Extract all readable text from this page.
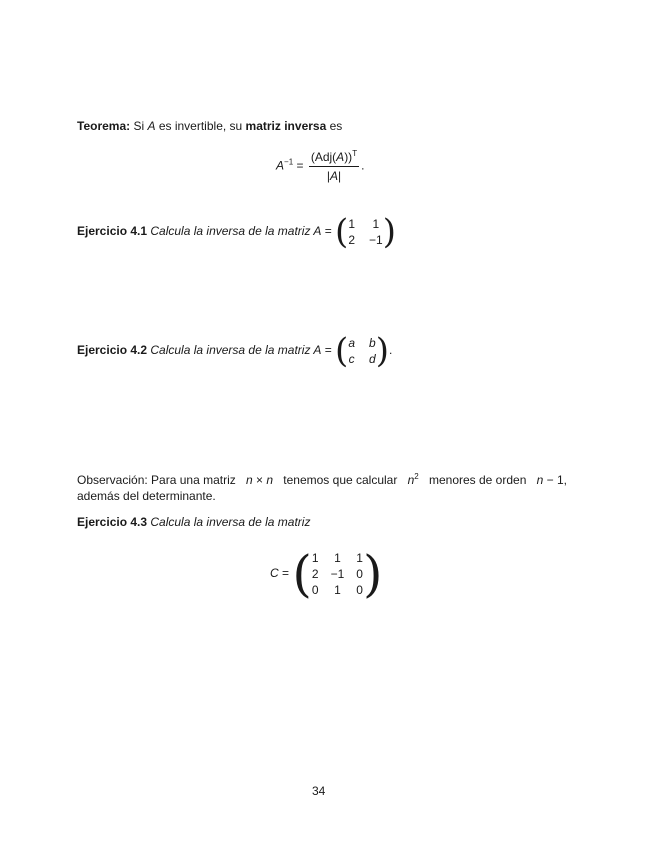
Teorema: Si A es invertible, su matriz inversa es
$A^{-1} = \frac{(Adj(A))^T}{|A|}$ .
Ejercicio 4.1 Calcula la inversa de la matriz A = ( 1 1
2 −1 )
Ejercicio 4.2 Calcula la inversa de la matriz A = ( a b
c d ).
Observación: Para una matriz n × n tenemos que calcular $n^2$ menores de orden n − 1,
además del determinante.
Ejercicio 4.3 Calcula la inversa de la matriz
C = ( 1 1 1
2 −1 0
0 1 0 )
34
